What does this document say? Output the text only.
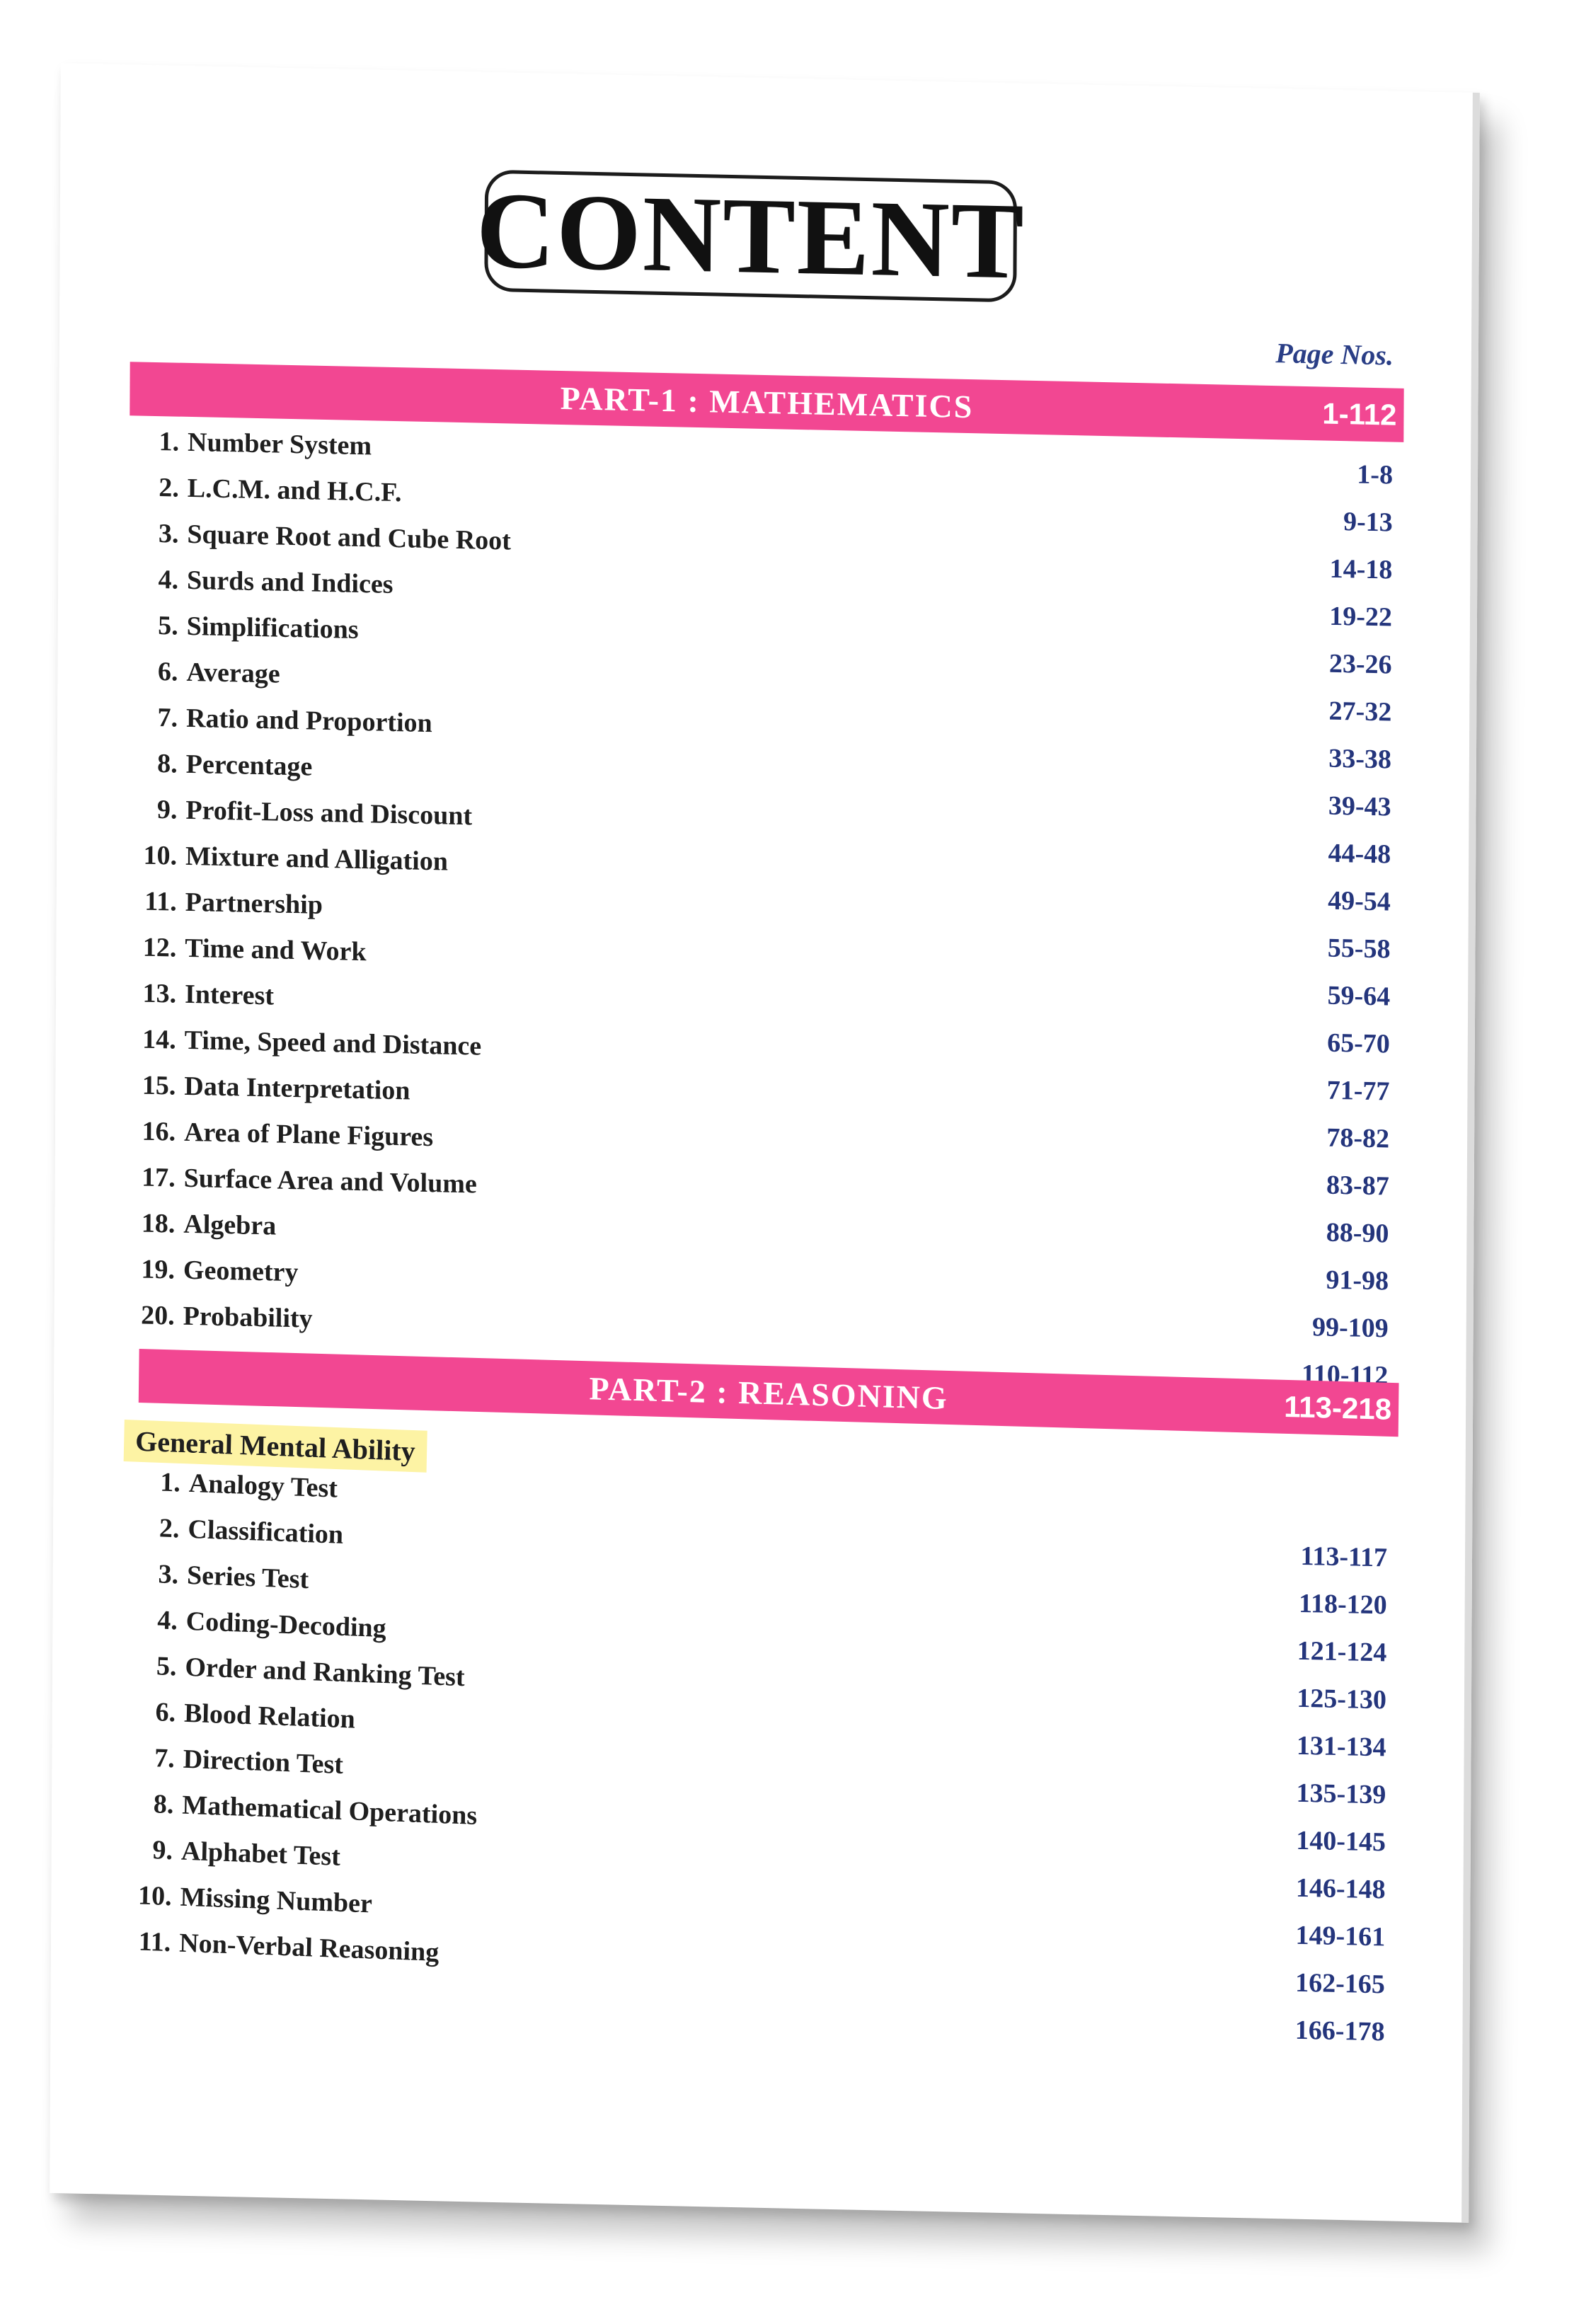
CONTENT
Page Nos.
PART-1 : MATHEMATICS	1-112
1. Number System
2. L.C.M. and H.C.F.
3. Square Root and Cube Root
4. Surds and Indices
5. Simplifications
6. Average
7. Ratio and Proportion
8. Percentage
9. Profit-Loss and Discount
10. Mixture and Alligation
11. Partnership
12. Time and Work
13. Interest
14. Time, Speed and Distance
15. Data Interpretation
16. Area of Plane Figures
17. Surface Area and Volume
18. Algebra
19. Geometry
20. Probability
1-8
9-13
14-18
19-22
23-26
27-32
33-38
39-43
44-48
49-54
55-58
59-64
65-70
71-77
78-82
83-87
88-90
91-98
99-109
110-112
PART-2 : REASONING	113-218
General Mental Ability
1. Analogy Test
2. Classification
3. Series Test
4. Coding-Decoding
5. Order and Ranking Test
6. Blood Relation
7. Direction Test
8. Mathematical Operations
9. Alphabet Test
10. Missing Number
11. Non-Verbal Reasoning
113-117
118-120
121-124
125-130
131-134
135-139
140-145
146-148
149-161
162-165
166-178
